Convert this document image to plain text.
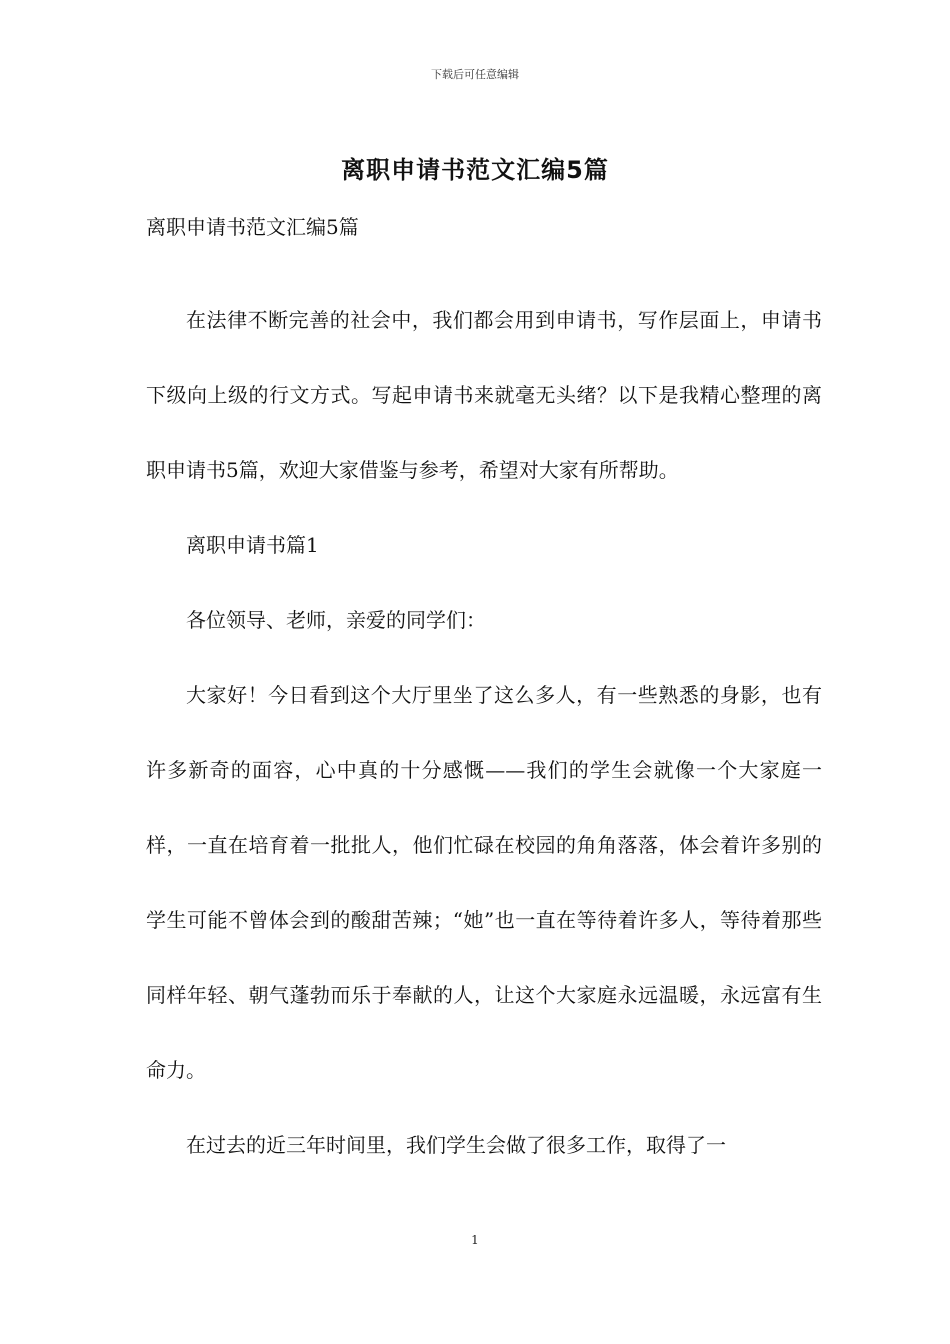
下载后可任意编辑
离职申请书范文汇编5篇
离职申请书范文汇编5篇

在法律不断完善的社会中，我们都会用到申请书，写作层面上，申请书下级向上级的行文方式。写起申请书来就毫无头绪？以下是我精心整理的离职申请书5篇，欢迎大家借鉴与参考，希望对大家有所帮助。

离职申请书篇1

各位领导、老师，亲爱的同学们：

大家好！今日看到这个大厅里坐了这么多人，有一些熟悉的身影，也有许多新奇的面容，心中真的十分感慨——我们的学生会就像一个大家庭一样，一直在培育着一批批人，他们忙碌在校园的角角落落，体会着许多别的学生可能不曾体会到的酸甜苦辣；“她”也一直在等待着许多人，等待着那些同样年轻、朝气蓬勃而乐于奉献的人，让这个大家庭永远温暖，永远富有生命力。

在过去的近三年时间里，我们学生会做了很多工作，取得了一

1
